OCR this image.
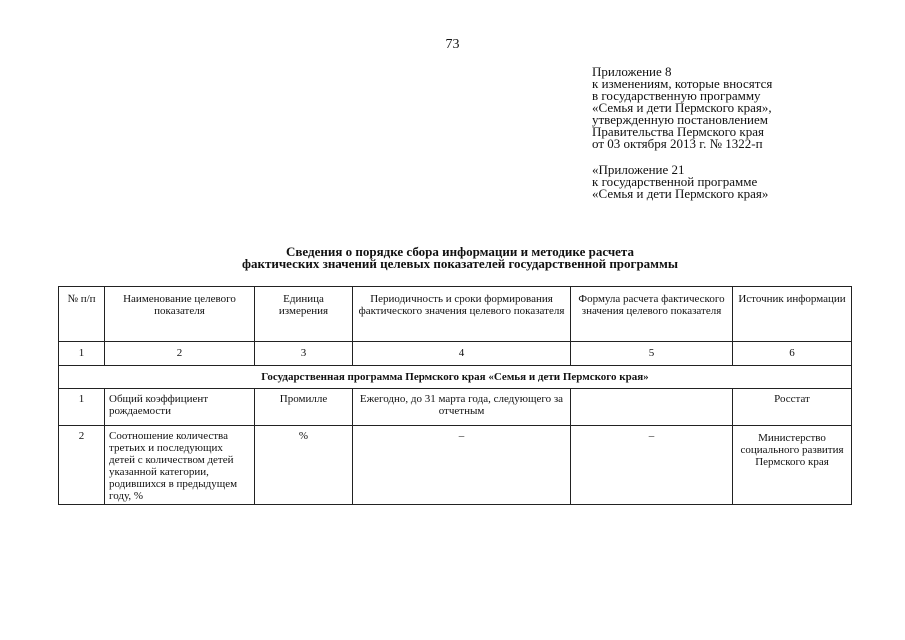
73
Приложение 8
к изменениям, которые вносятся
в государственную программу
«Семья и дети Пермского края»,
утвержденную постановлением
Правительства Пермского края
от 03 октября 2013 г. № 1322-п
«Приложение 21
к государственной программе
«Семья и дети Пермского края»
Сведения о порядке сбора информации и методике расчета
фактических значений целевых показателей государственной программы
№ п/п	Наименование целевого показателя	Единица измерения	Периодичность и сроки формирования фактического значения целевого показателя	Формула расчета фактического значения целевого показателя	Источник информации
1	2	3	4	5	6
Государственная программа Пермского края «Семья и дети Пермского края»					
1	Общий коэффициент рождаемости	Промилле	Ежегодно, до 31 марта года, следующего за отчетным		Росстат
2	Соотношение количества третьих и последующих детей с количеством детей указанной категории, родившихся в предыдущем году, %	%	–	–	Министерство социального развития Пермского края
